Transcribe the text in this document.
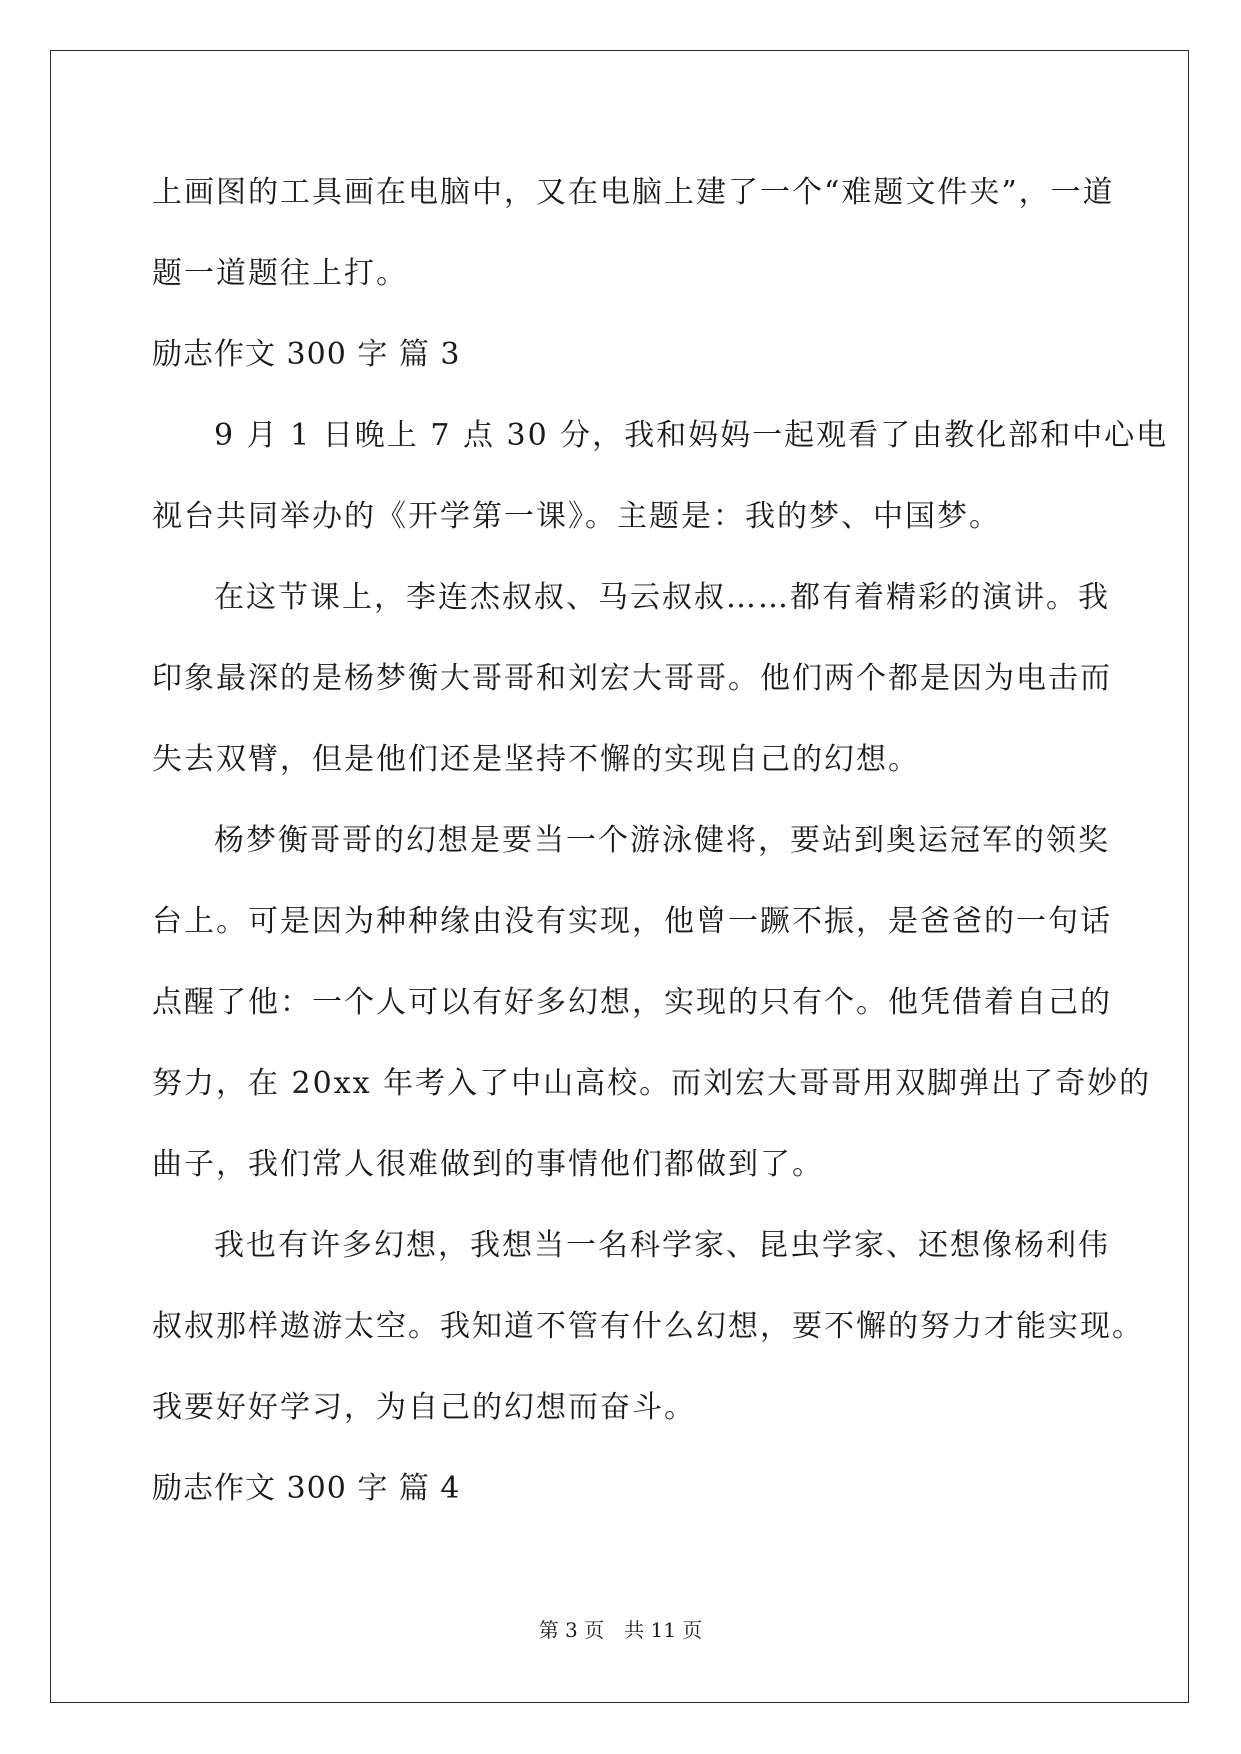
上画图的工具画在电脑中，又在电脑上建了一个“难题文件夹”，一道
题一道题往上打。
励志作文 300 字 篇 3
9 月 1 日晚上 7 点 30 分，我和妈妈一起观看了由教化部和中心电
视台共同举办的《开学第一课》。主题是：我的梦、中国梦。
在这节课上，李连杰叔叔、马云叔叔……都有着精彩的演讲。我
印象最深的是杨梦衡大哥哥和刘宏大哥哥。他们两个都是因为电击而
失去双臂，但是他们还是坚持不懈的实现自己的幻想。
杨梦衡哥哥的幻想是要当一个游泳健将，要站到奥运冠军的领奖
台上。可是因为种种缘由没有实现，他曾一蹶不振，是爸爸的一句话
点醒了他：一个人可以有好多幻想，实现的只有个。他凭借着自己的
努力，在 20xx 年考入了中山高校。而刘宏大哥哥用双脚弹出了奇妙的
曲子，我们常人很难做到的事情他们都做到了。
我也有许多幻想，我想当一名科学家、昆虫学家、还想像杨利伟
叔叔那样遨游太空。我知道不管有什么幻想，要不懈的努力才能实现。
我要好好学习，为自己的幻想而奋斗。
励志作文 300 字 篇 4
第 3 页 共 11 页
